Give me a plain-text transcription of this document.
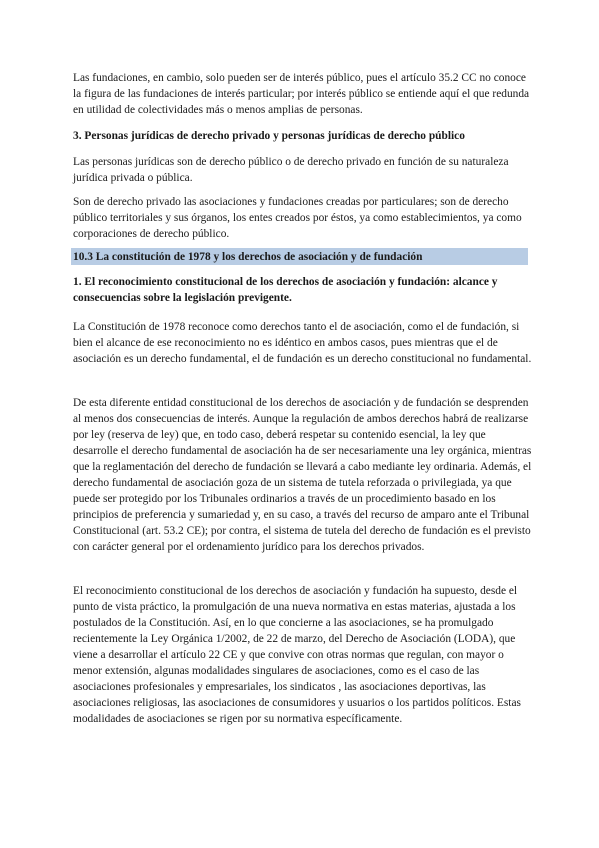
Las fundaciones, en cambio, solo pueden ser de interés público, pues el artículo 35.2 CC no conoce la figura de las fundaciones de interés particular; por interés público se entiende aquí el que redunda en utilidad de colectividades más o menos amplias de personas.

3. Personas jurídicas de derecho privado y personas jurídicas de derecho público

Las personas jurídicas son de derecho público o de derecho privado en función de su naturaleza jurídica privada o pública.

Son de derecho privado las asociaciones y fundaciones creadas por particulares; son de derecho público territoriales y sus órganos, los entes creados por éstos, ya como establecimientos, ya como corporaciones de derecho público.

10.3 La constitución de 1978 y los derechos de asociación y de fundación

1. El reconocimiento constitucional de los derechos de asociación y fundación: alcance y consecuencias sobre la legislación previgente.

La Constitución de 1978 reconoce como derechos tanto el de asociación, como el de fundación, si bien el alcance de ese reconocimiento no es idéntico en ambos casos, pues mientras que el de asociación es un derecho fundamental, el de fundación es un derecho constitucional no fundamental.

De esta diferente entidad constitucional de los derechos de asociación y de fundación se desprenden al menos dos consecuencias de interés. Aunque la regulación de ambos derechos habrá de realizarse por ley (reserva de ley) que, en todo caso, deberá respetar su contenido esencial, la ley que desarrolle el derecho fundamental de asociación ha de ser necesariamente una ley orgánica, mientras que la reglamentación del derecho de fundación se llevará a cabo mediante ley ordinaria. Además, el derecho fundamental de asociación goza de un sistema de tutela reforzada o privilegiada, ya que puede ser protegido por los Tribunales ordinarios a través de un procedimiento basado en los principios de preferencia y sumariedad y, en su caso, a través del recurso de amparo ante el Tribunal Constitucional (art. 53.2 CE); por contra, el sistema de tutela del derecho de fundación es el previsto con carácter general por el ordenamiento jurídico para los derechos privados.

El reconocimiento constitucional de los derechos de asociación y fundación ha supuesto, desde el punto de vista práctico, la promulgación de una nueva normativa en estas materias, ajustada a los postulados de la Constitución. Así, en lo que concierne a las asociaciones, se ha promulgado recientemente la Ley Orgánica 1/2002, de 22 de marzo, del Derecho de Asociación (LODA), que viene a desarrollar el artículo 22 CE y que convive con otras normas que regulan, con mayor o menor extensión, algunas modalidades singulares de asociaciones, como es el caso de las asociaciones profesionales y empresariales, los sindicatos , las asociaciones deportivas, las asociaciones religiosas, las asociaciones de consumidores y usuarios o los partidos políticos. Estas modalidades de asociaciones se rigen por su normativa específicamente.
